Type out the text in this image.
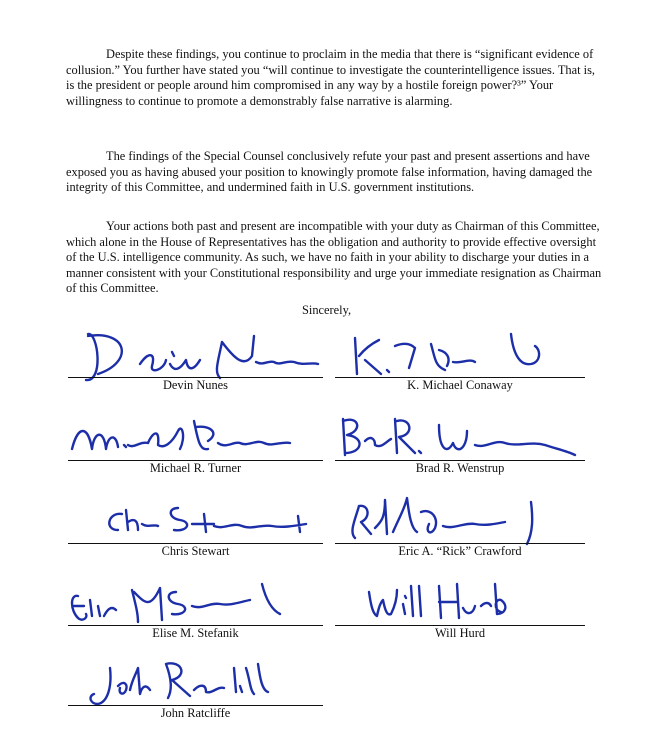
Despite these findings, you continue to proclaim in the media that there is “significant evidence of collusion.” You further have stated you “will continue to investigate the counterintelligence issues. That is, is the president or people around him compromised in any way by a hostile foreign power?³” Your willingness to continue to promote a demonstrably false narrative is alarming.

The findings of the Special Counsel conclusively refute your past and present assertions and have exposed you as having abused your position to knowingly promote false information, having damaged the integrity of this Committee, and undermined faith in U.S. government institutions.

Your actions both past and present are incompatible with your duty as Chairman of this Committee, which alone in the House of Representatives has the obligation and authority to provide effective oversight of the U.S. intelligence community. As such, we have no faith in your ability to discharge your duties in a manner consistent with your Constitutional responsibility and urge your immediate resignation as Chairman of this Committee.

Sincerely,
Devin Nunes	K. Michael Conaway
Michael R. Turner	Brad R. Wenstrup
Chris Stewart	Eric A. “Rick” Crawford
Elise M. Stefanik	Will Hurd
John Ratcliffe
